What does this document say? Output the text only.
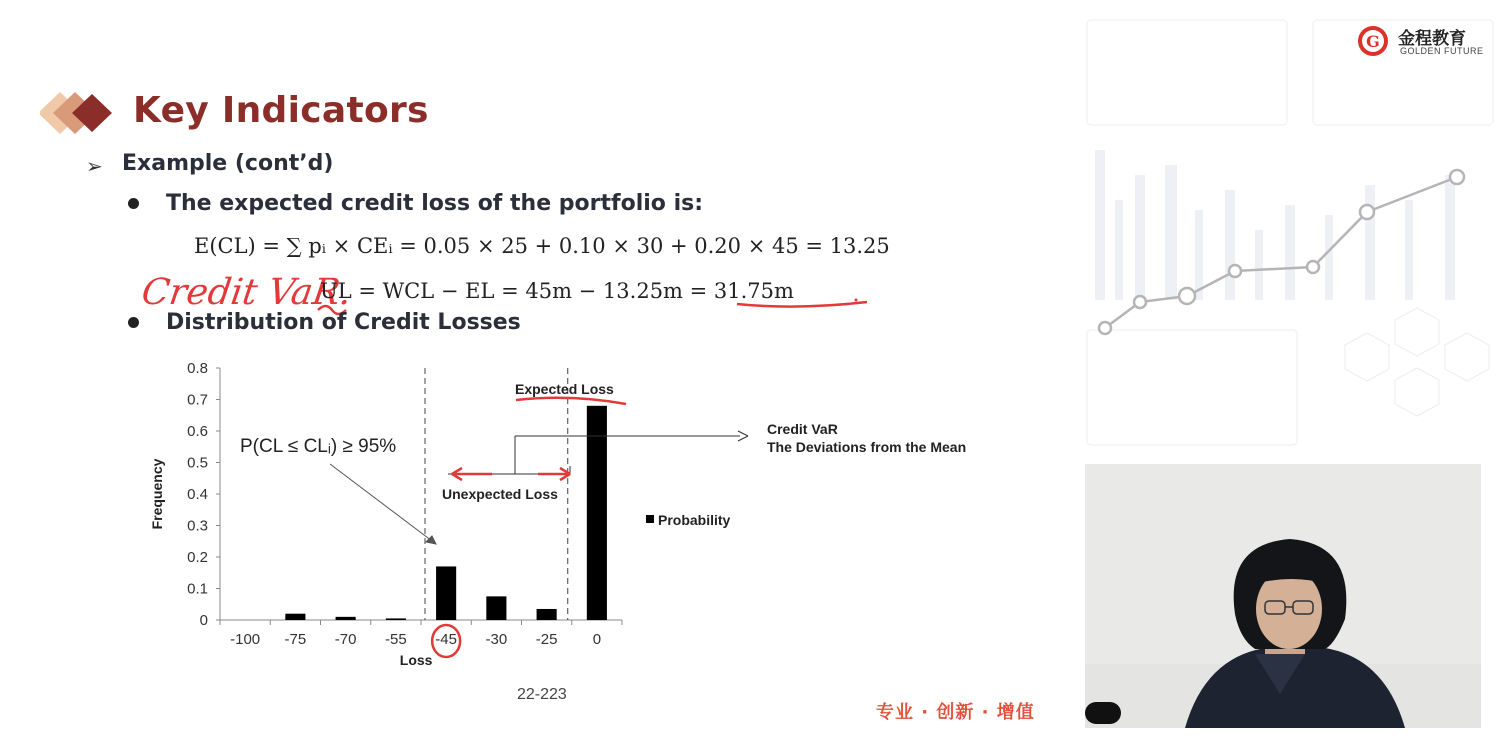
Key Indicators
➢ Example (cont’d)
The expected credit loss of the portfolio is:
E(CL) = ∑ pᵢ × CEᵢ = 0.05 × 25 + 0.10 × 30 + 0.20 × 45 = 13.25
Credit VaR.
UL = WCL − EL = 45m − 13.25m = 31.75m
Distribution of Credit Losses
0
0.1
0.2
0.3
0.4
0.5
0.6
0.7
0.8
-100 -75 -70 -55 -45 -30 -25 0
Loss
Frequency
Expected Loss
P(CL ≤ CLᵢ) ≥ 95%
Unexpected Loss
Credit VaR
The Deviations from the Mean
Probability
22-223
专业 · 创新 · 增值
G 金程教育
GOLDEN FUTURE
